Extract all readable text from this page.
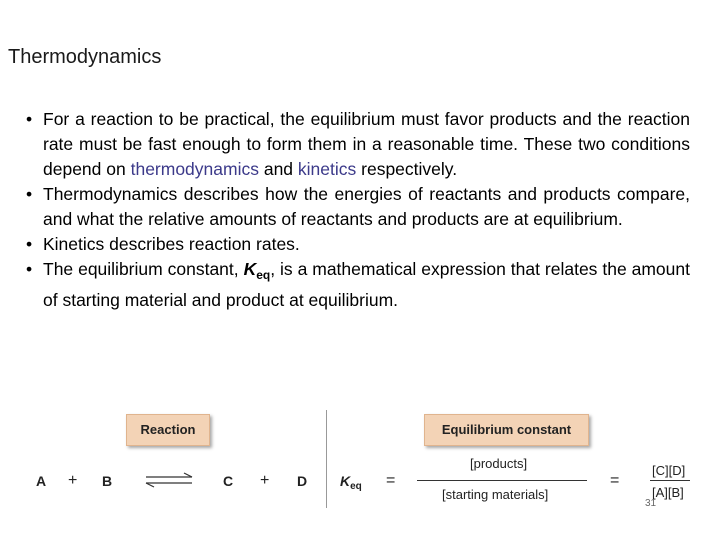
Thermodynamics
• For a reaction to be practical, the equilibrium must favor products and the reaction rate must be fast enough to form them in a reasonable time. These two conditions depend on thermodynamics and kinetics respectively.
• Thermodynamics describes how the energies of reactants and products compare, and what the relative amounts of reactants and products are at equilibrium.
• Kinetics describes reaction rates.
• The equilibrium constant, $K_{eq}$, is a mathematical expression that relates the amount of starting material and product at equilibrium.
Reaction	Equilibrium constant
A + B	C + D $K_{eq}$ =
[products]
[starting materials]
=
[C][D]
[A][B]
31
